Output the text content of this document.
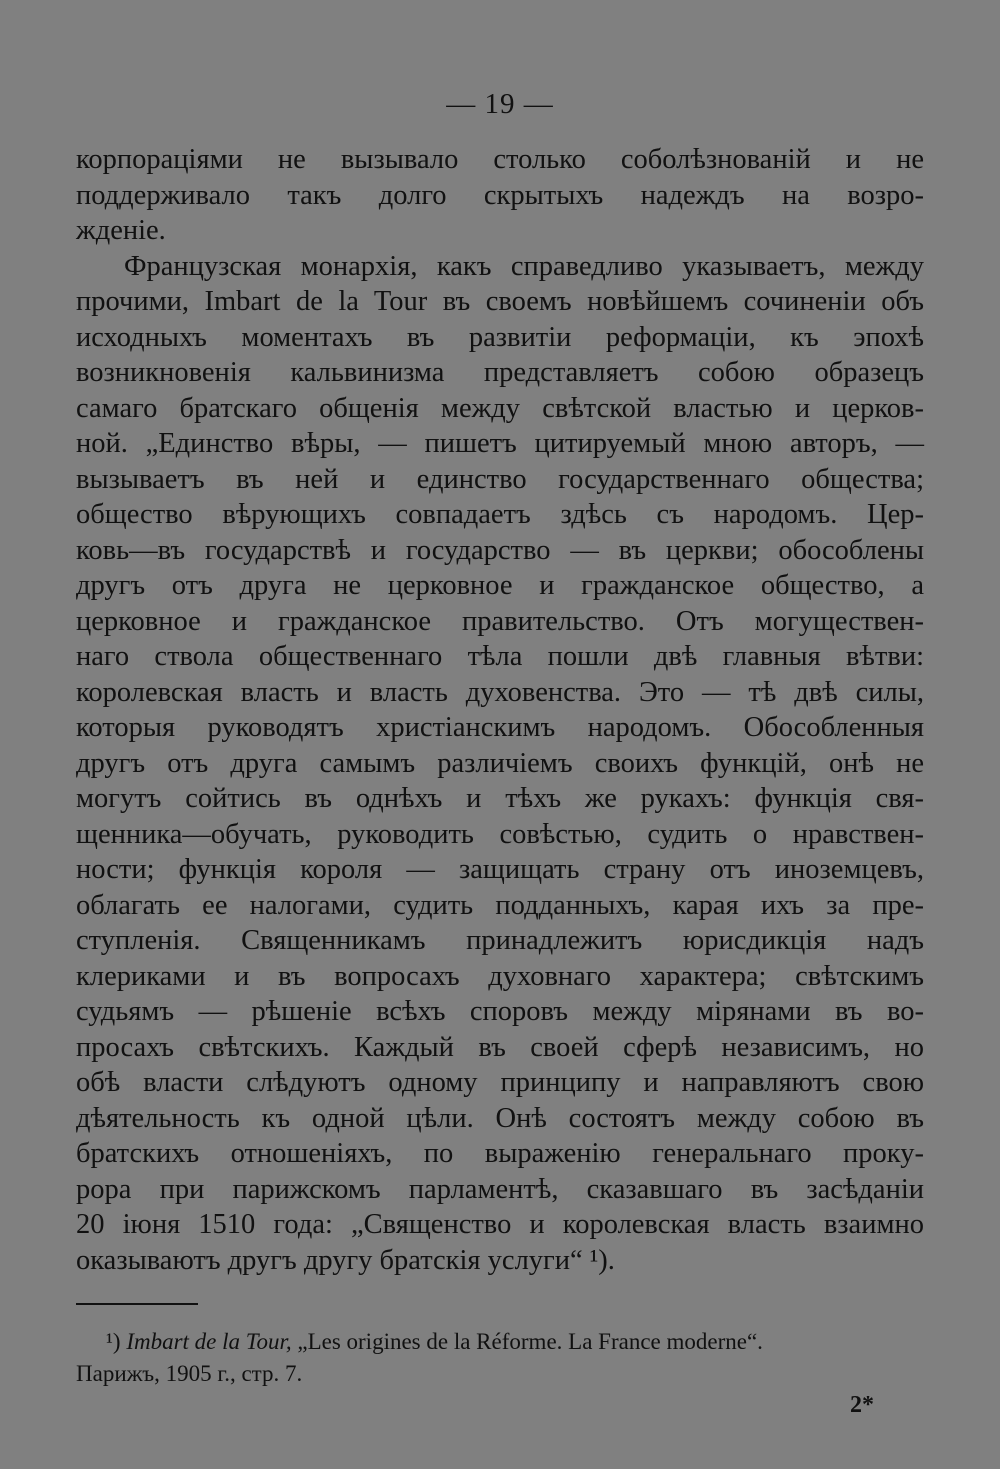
— 19 —
корпораціями не вызывало столько соболѣзнованій и не
поддерживало такъ долго скрытыхъ надеждъ на возро-
жденіе.
Французская монархія, какъ справедливо указываетъ, между
прочими, Imbart de la Tour въ своемъ новѣйшемъ сочиненіи объ
исходныхъ моментахъ въ развитіи реформаціи, къ эпохѣ
возникновенія кальвинизма представляетъ собою образецъ
самаго братскаго общенія между свѣтской властью и церков-
ной. „Единство вѣры, — пишетъ цитируемый мною авторъ, —
вызываетъ въ ней и единство государственнаго общества;
общество вѣрующихъ совпадаетъ здѣсь съ народомъ. Цер-
ковь—въ государствѣ и государство — въ церкви; обособлены
другъ отъ друга не церковное и гражданское общество, а
церковное и гражданское правительство. Отъ могуществен-
наго ствола общественнаго тѣла пошли двѣ главныя вѣтви:
королевская власть и власть духовенства. Это — тѣ двѣ силы,
которыя руководятъ христіанскимъ народомъ. Обособленныя
другъ отъ друга самымъ различіемъ своихъ функцій, онѣ не
могутъ сойтись въ однѣхъ и тѣхъ же рукахъ: функція свя-
щенника—обучать, руководить совѣстью, судить о нравствен-
ности; функція короля — защищать страну отъ иноземцевъ,
облагать ее налогами, судить подданныхъ, карая ихъ за пре-
ступленія. Священникамъ принадлежитъ юрисдикція надъ
клериками и въ вопросахъ духовнаго характера; свѣтскимъ
судьямъ — рѣшеніе всѣхъ споровъ между мірянами въ во-
просахъ свѣтскихъ. Каждый въ своей сферѣ независимъ, но
обѣ власти слѣдуютъ одному принципу и направляютъ свою
дѣятельность къ одной цѣли. Онѣ состоятъ между собою въ
братскихъ отношеніяхъ, по выраженію генеральнаго проку-
рора при парижскомъ парламентѣ, сказавшаго въ засѣданіи
20 іюня 1510 года: „Священство и королевская власть взаимно
оказываютъ другъ другу братскія услуги“ ¹).
¹) Imbart de la Tour, „Les origines de la Réforme. La France moderne“.
Парижъ, 1905 г., стр. 7.
2*
